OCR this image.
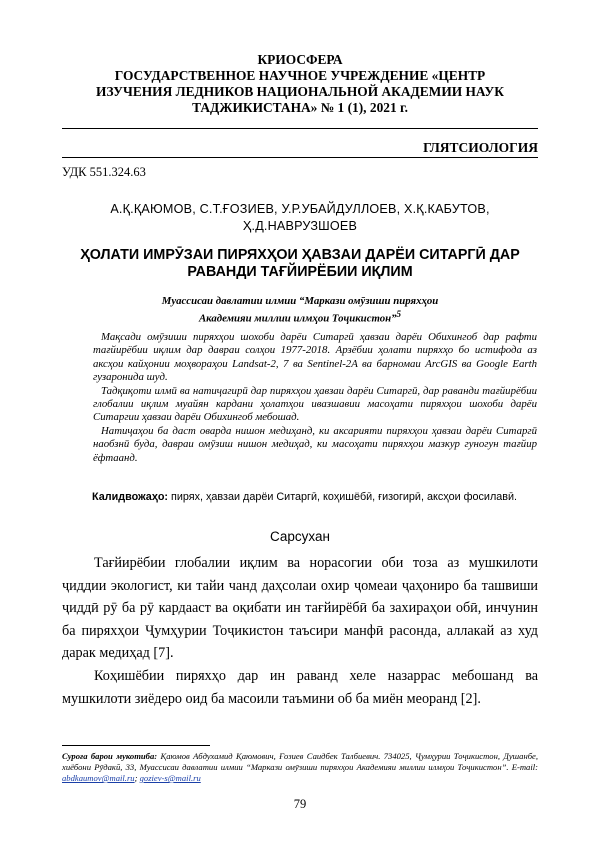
КРИОСФЕРА
ГОСУДАРСТВЕННОЕ НАУЧНОЕ УЧРЕЖДЕНИЕ «ЦЕНТР
ИЗУЧЕНИЯ ЛЕДНИКОВ НАЦИОНАЛЬНОЙ АКАДЕМИИ НАУК
ТАДЖИКИСТАНА» № 1 (1), 2021 г.
ГЛЯТСИОЛОГИЯ
УДК 551.324.63
А.Қ.ҚАЮМОВ, С.Т.ҒОЗИЕВ, У.Р.УБАЙДУЛЛОЕВ, Х.Қ.КАБУТОВ,
Ҳ.Д.НАВРУЗШОЕВ
ҲОЛАТИ ИМРӮЗАИ ПИРЯХҲОИ ҲАВЗАИ ДАРЁИ СИТАРГӢ ДАР
РАВАНДИ ТАҒЙИРЁБИИ ИҚЛИМ
Муассисаи давлатии илмии “Маркази омӯзиши пиряхҳои
Академияи миллии илмҳои Тоҷикистон”$^5$

Мақсади омӯзиши пиряхҳои шохоби дарёи Ситаргӣ ҳавзаи дарёи Обихингоб дар рафти тағйирёбии иқлим дар давраи солҳои 1977-2018. Арзёбии ҳолати пиряхҳо бо истифода аз аксҳои кайҳонии моҳвораҳои Landsat-2, 7 ва Sentinel-2A ва барномаи ArcGIS ва Google Earth гузаронида шуд.

Тадқиқоти илмӣ ва натиҷагирӣ дар пиряхҳои ҳавзаи дарёи Ситаргӣ, дар раванди тағйирёбии глобалии иқлим муайян кардани ҳолатҳои ивазшавии масоҳати пиряхҳои шохоби дарёи Ситаргии ҳавзаи дарёи Обихингоб мебошад.

Натиҷаҳои ба даст оварда нишон медиҳанд, ки аксарияти пиряхҳои ҳавзаи дарёи Ситаргӣ наобзнӣ буда, давраи омӯзиш нишон медиҳад, ки масоҳати пиряхҳои мазкур гуногун тағйир ёфтаанд.

Калидвожаҳо: пирях, ҳавзаи дарёи Ситаргӣ, коҳишёбӣ, ғизогирӣ, аксҳои фосилавӣ.
Сарсухан

Тағйирёбии глобалии иқлим ва норасогии оби тоза аз мушкилоти ҷиддии экологист, ки тайи чанд даҳсолаи охир ҷомеаи ҷаҳониро ба ташвиши ҷиддӣ рӯ ба рӯ кардааст ва оқибати ин тағйирёбӣ ба захираҳои обӣ, инчунин ба пиряхҳои Ҷумҳурии Тоҷикистон таъсири манфӣ расонда, аллакай аз худ дарак медиҳад [7].

Коҳишёбии пиряхҳо дар ин раванд хеле назаррас мебошанд ва мушкилоти зиёдеро оид ба масоили таъмини об ба миён меоранд [2].

Суроға барои мукотиба: Қаюмов Абдухамид Қаюмович, Ғозиев Саидбек Талбиевич. 734025, Ҷумҳурии Тоҷикистон, Душанбе, хиёбони Рӯдакӣ, 33, Муассисаи давлатии илмии “Маркази омӯзиши пиряхҳои Академияи миллии илмҳои Тоҷикистон”. E-mail: abdkaumov@mail.ru; goziev-s@mail.ru
79
